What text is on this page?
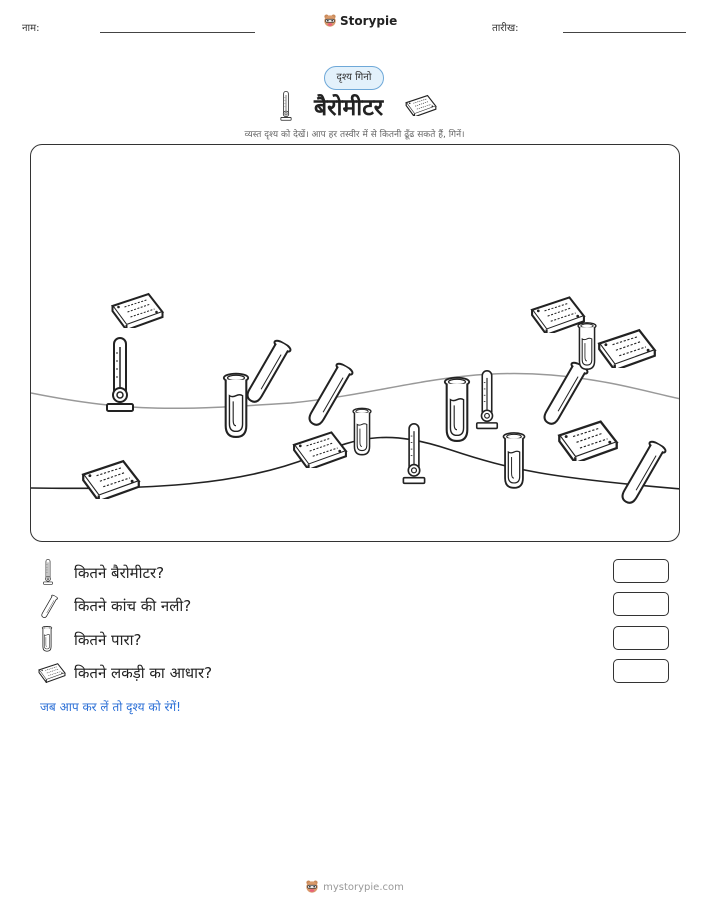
नाम:
Storypie
तारीख:
दृश्य गिनो
बैरोमीटर
व्यस्त दृश्य को देखें। आप हर तस्वीर में से कितनी ढूँढ सकते हैं, गिनें।
कितने बैरोमीटर?
कितने कांच की नली?
कितने पारा?
कितने लकड़ी का आधार?
जब आप कर लें तो दृश्य को रंगें!
mystorypie.com
